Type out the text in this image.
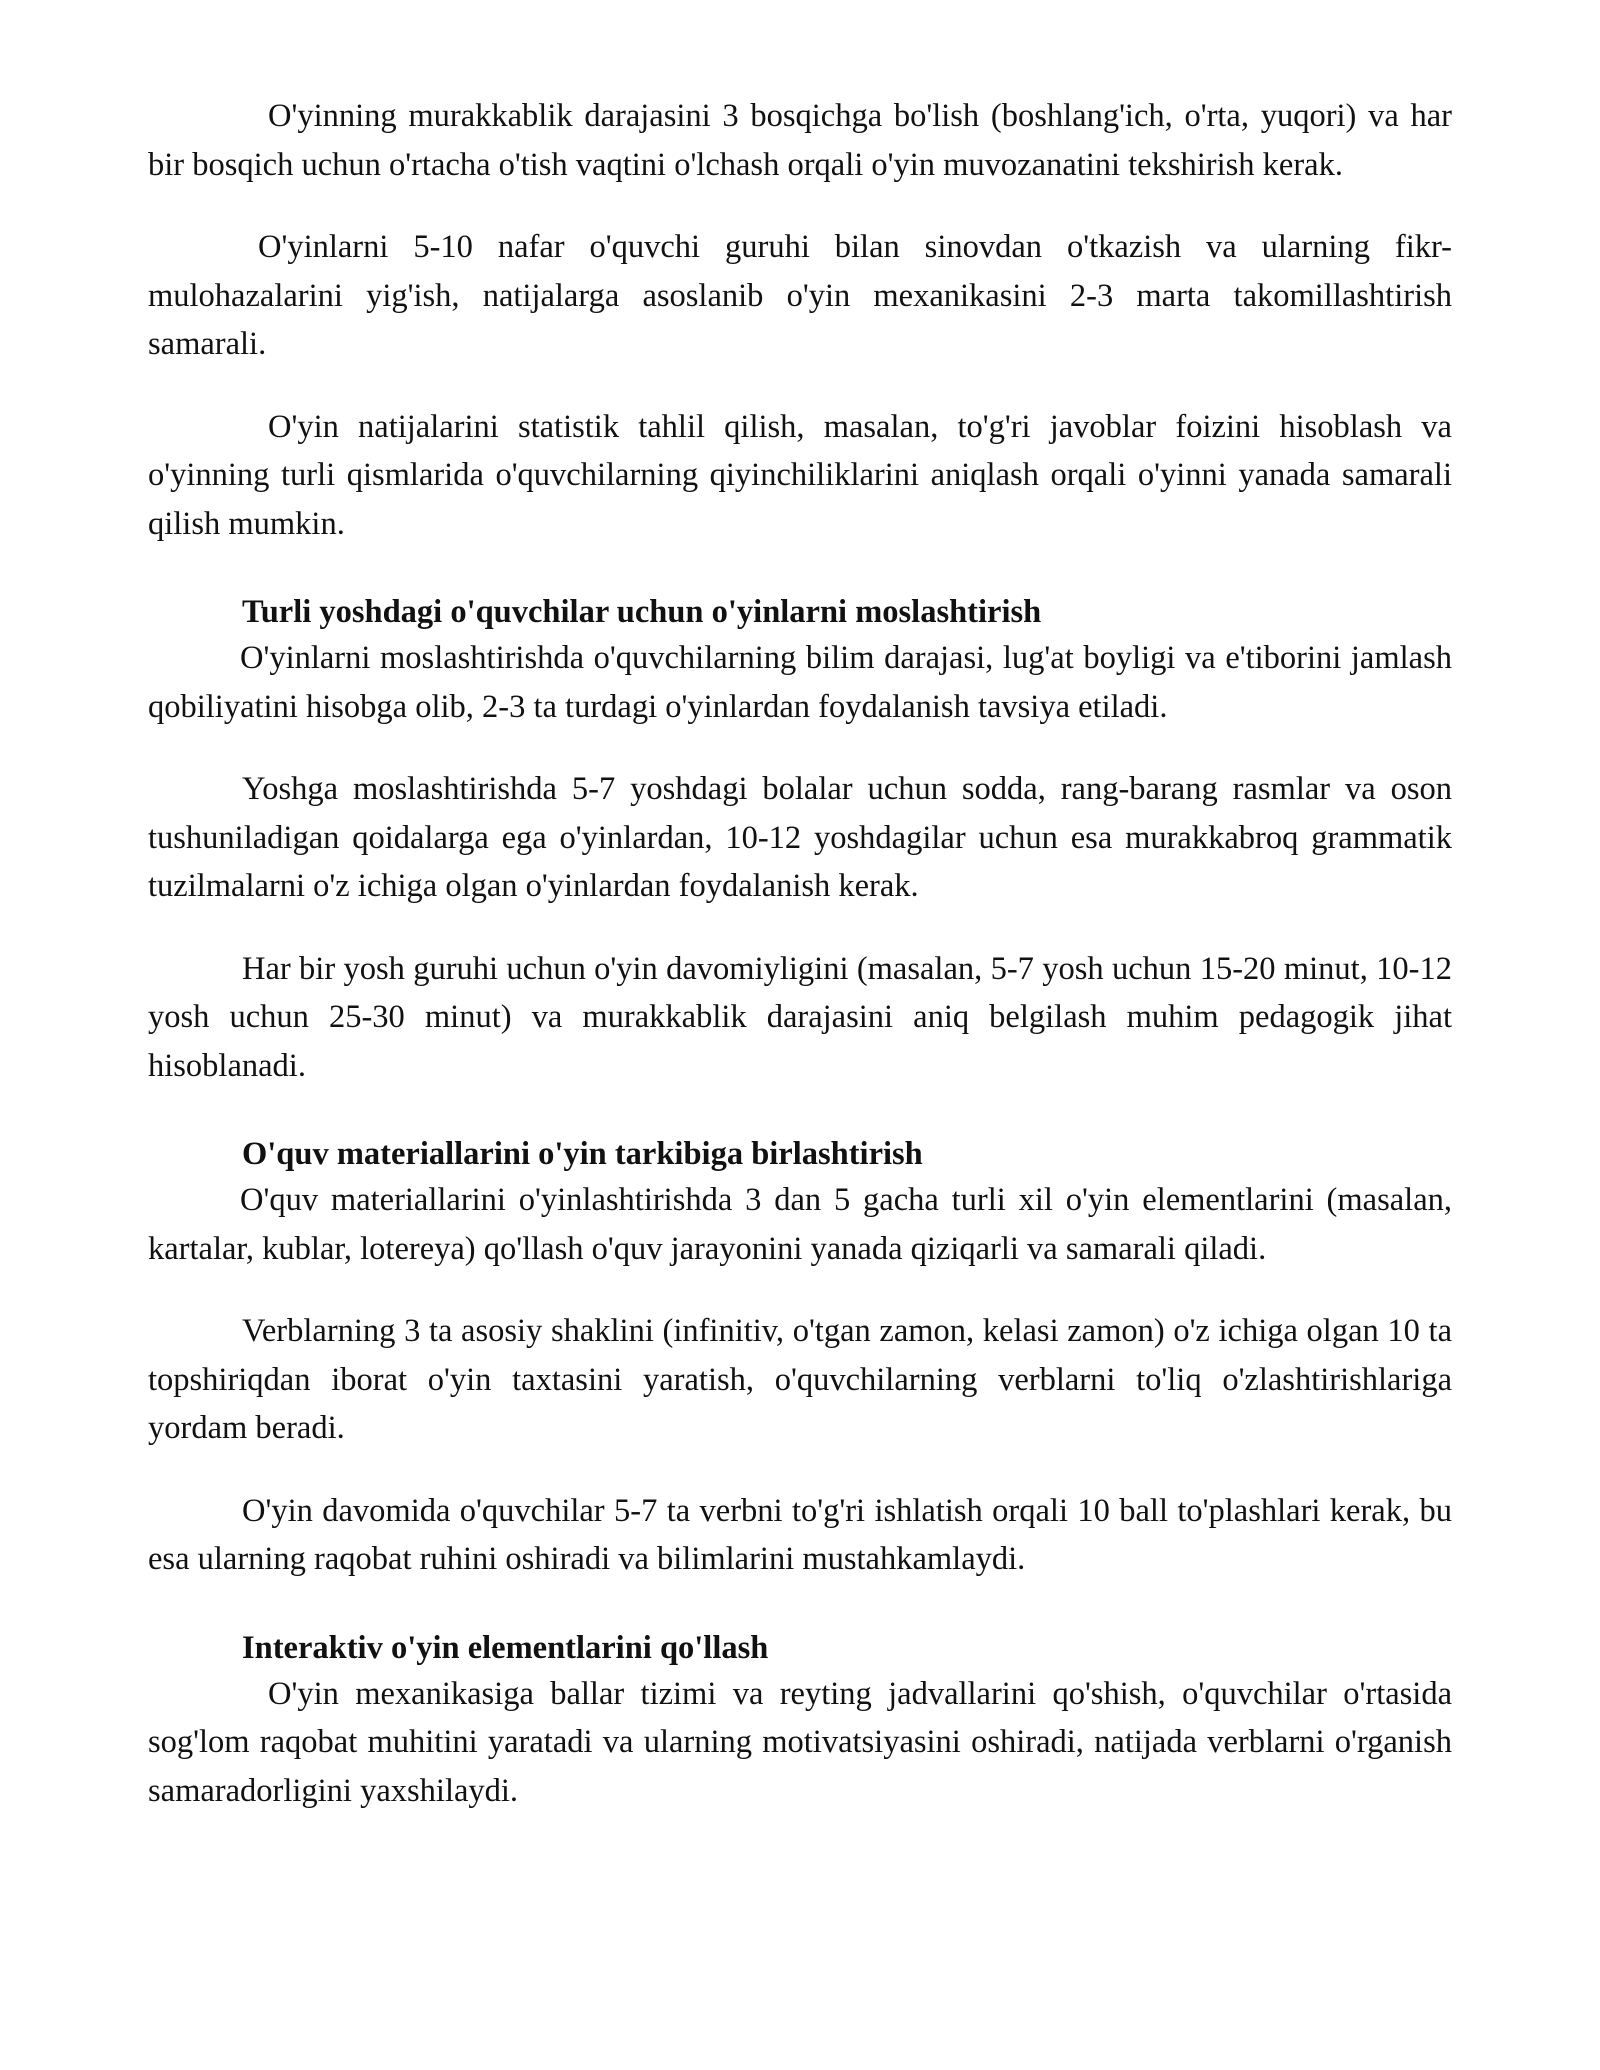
O'yinning murakkablik darajasini 3 bosqichga bo'lish (boshlang'ich, o'rta, yuqori) va har bir bosqich uchun o'rtacha o'tish vaqtini o'lchash orqali o'yin muvozanatini tekshirish kerak.

O'yinlarni 5-10 nafar o'quvchi guruhi bilan sinovdan o'tkazish va ularning fikr-mulohazalarini yig'ish, natijalarga asoslanib o'yin mexanikasini 2-3 marta takomillashtirish samarali.

O'yin natijalarini statistik tahlil qilish, masalan, to'g'ri javoblar foizini hisoblash va o'yinning turli qismlarida o'quvchilarning qiyinchiliklarini aniqlash orqali o'yinni yanada samarali qilish mumkin.

Turli yoshdagi o'quvchilar uchun o'yinlarni moslashtirish

O'yinlarni moslashtirishda o'quvchilarning bilim darajasi, lug'at boyligi va e'tiborini jamlash qobiliyatini hisobga olib, 2-3 ta turdagi o'yinlardan foydalanish tavsiya etiladi.

Yoshga moslashtirishda 5-7 yoshdagi bolalar uchun sodda, rang-barang rasmlar va oson tushuniladigan qoidalarga ega o'yinlardan, 10-12 yoshdagilar uchun esa murakkabroq grammatik tuzilmalarni o'z ichiga olgan o'yinlardan foydalanish kerak.

Har bir yosh guruhi uchun o'yin davomiyligini (masalan, 5-7 yosh uchun 15-20 minut, 10-12 yosh uchun 25-30 minut) va murakkablik darajasini aniq belgilash muhim pedagogik jihat hisoblanadi.

O'quv materiallarini o'yin tarkibiga birlashtirish

O'quv materiallarini o'yinlashtirishda 3 dan 5 gacha turli xil o'yin elementlarini (masalan, kartalar, kublar, lotereya) qo'llash o'quv jarayonini yanada qiziqarli va samarali qiladi.

Verblarning 3 ta asosiy shaklini (infinitiv, o'tgan zamon, kelasi zamon) o'z ichiga olgan 10 ta topshiriqdan iborat o'yin taxtasini yaratish, o'quvchilarning verblarni to'liq o'zlashtirishlariga yordam beradi.

O'yin davomida o'quvchilar 5-7 ta verbni to'g'ri ishlatish orqali 10 ball to'plashlari kerak, bu esa ularning raqobat ruhini oshiradi va bilimlarini mustahkamlaydi.

Interaktiv o'yin elementlarini qo'llash

O'yin mexanikasiga ballar tizimi va reyting jadvallarini qo'shish, o'quvchilar o'rtasida sog'lom raqobat muhitini yaratadi va ularning motivatsiyasini oshiradi, natijada verblarni o'rganish samaradorligini yaxshilaydi.
